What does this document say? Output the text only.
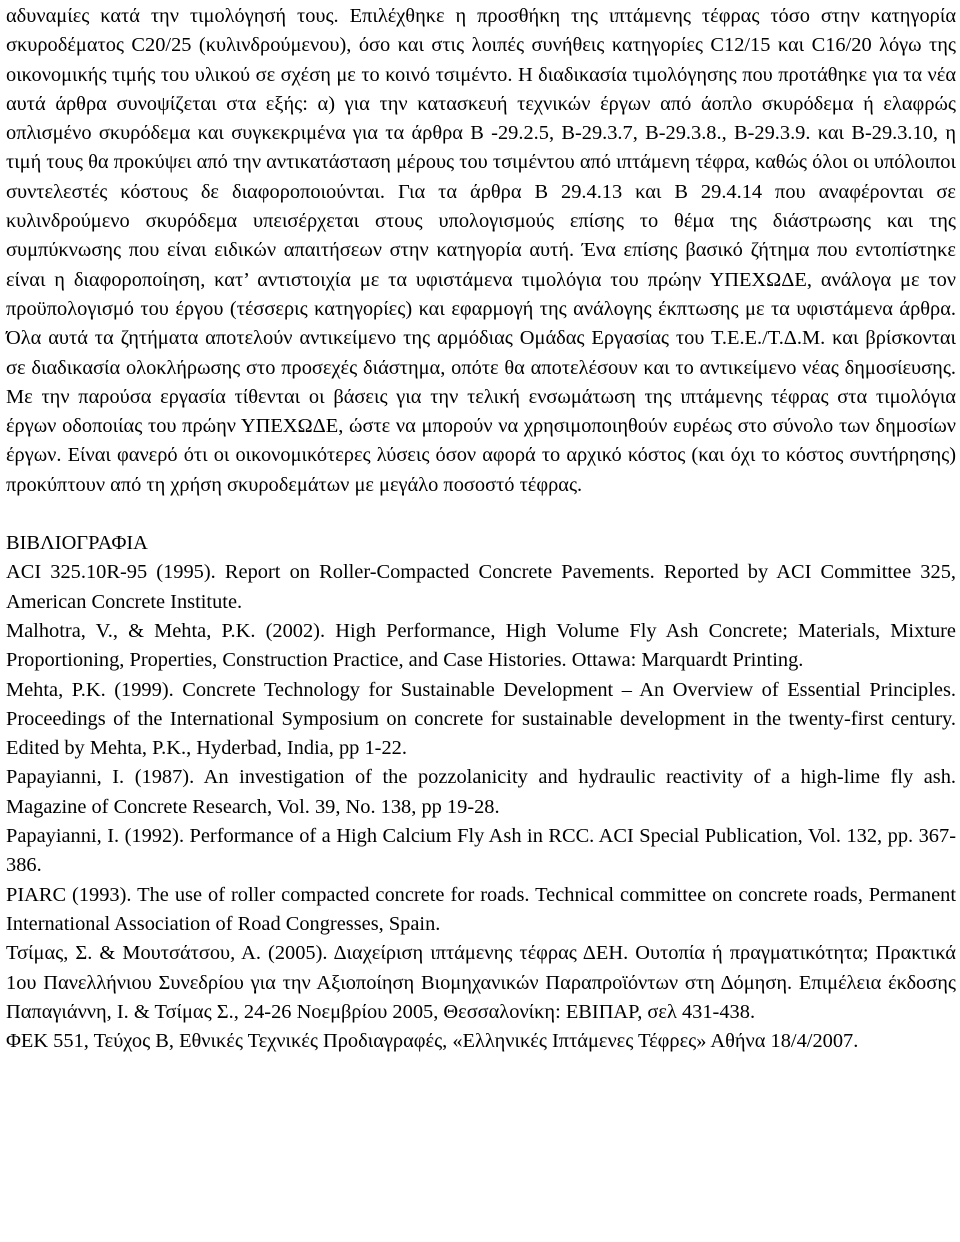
αδυναμίες κατά την τιμολόγησή τους. Επιλέχθηκε η προσθήκη της ιπτάμενης τέφρας τόσο στην κατηγορία σκυροδέματος C20/25 (κυλινδρούμενου), όσο και στις λοιπές συνήθεις κατηγορίες C12/15 και C16/20 λόγω της οικονομικής τιμής του υλικού σε σχέση με το κοινό τσιμέντο. Η διαδικασία τιμολόγησης που προτάθηκε για τα νέα αυτά άρθρα συνοψίζεται στα εξής: α) για την κατασκευή τεχνικών έργων από άοπλο σκυρόδεμα ή ελαφρώς οπλισμένο σκυρόδεμα και συγκεκριμένα για τα άρθρα Β -29.2.5, Β-29.3.7, Β-29.3.8., Β-29.3.9. και Β-29.3.10, η τιμή τους θα προκύψει από την αντικατάσταση μέρους του τσιμέντου από ιπτάμενη τέφρα, καθώς όλοι οι υπόλοιποι συντελεστές κόστους δε διαφοροποιούνται. Για τα άρθρα Β 29.4.13 και Β 29.4.14 που αναφέρονται σε κυλινδρούμενο σκυρόδεμα υπεισέρχεται στους υπολογισμούς επίσης το θέμα της διάστρωσης και της συμπύκνωσης που είναι ειδικών απαιτήσεων στην κατηγορία αυτή. Ένα επίσης βασικό ζήτημα που εντοπίστηκε είναι η διαφοροποίηση, κατ’ αντιστοιχία με τα υφιστάμενα τιμολόγια του πρώην ΥΠΕΧΩΔΕ, ανάλογα με τον προϋπολογισμό του έργου (τέσσερις κατηγορίες) και εφαρμογή της ανάλογης έκπτωσης με τα υφιστάμενα άρθρα. Όλα αυτά τα ζητήματα αποτελούν αντικείμενο της αρμόδιας Ομάδας Εργασίας του Τ.Ε.Ε./Τ.Δ.Μ. και βρίσκονται σε διαδικασία ολοκλήρωσης στο προσεχές διάστημα, οπότε θα αποτελέσουν και το αντικείμενο νέας δημοσίευσης. Με την παρούσα εργασία τίθενται οι βάσεις για την τελική ενσωμάτωση της ιπτάμενης τέφρας στα τιμολόγια έργων οδοποιίας του πρώην ΥΠΕΧΩΔΕ, ώστε να μπορούν να χρησιμοποιηθούν ευρέως στο σύνολο των δημοσίων έργων. Είναι φανερό ότι οι οικονομικότερες λύσεις όσον αφορά το αρχικό κόστος (και όχι το κόστος συντήρησης) προκύπτουν από τη χρήση σκυροδεμάτων με μεγάλο ποσοστό τέφρας.

ΒΙΒΛΙΟΓΡΑΦΙΑ
ACI 325.10R-95 (1995). Report on Roller-Compacted Concrete Pavements. Reported by ACI Committee 325, American Concrete Institute.
Malhotra, V., & Mehta, P.K. (2002). High Performance, High Volume Fly Ash Concrete; Materials, Mixture Proportioning, Properties, Construction Practice, and Case Histories. Ottawa: Marquardt Printing.
Mehta, P.K. (1999). Concrete Technology for Sustainable Development – An Overview of Essential Principles. Proceedings of the International Symposium on concrete for sustainable development in the twenty-first century. Edited by Mehta, P.K., Hyderbad, India, pp 1-22.
Papayianni, I. (1987). An investigation of the pozzolanicity and hydraulic reactivity of a high-lime fly ash. Magazine of Concrete Research, Vol. 39, No. 138, pp 19-28.
Papayianni, I. (1992). Performance of a High Calcium Fly Ash in RCC. ACI Special Publication, Vol. 132, pp. 367-386.
PIARC (1993). The use of roller compacted concrete for roads. Technical committee on concrete roads, Permanent International Association of Road Congresses, Spain.
Τσίμας, Σ. & Μουτσάτσου, Α. (2005). Διαχείριση ιπτάμενης τέφρας ΔΕΗ. Ουτοπία ή πραγματικότητα; Πρακτικά 1ου Πανελλήνιου Συνεδρίου για την Αξιοποίηση Βιομηχανικών Παραπροϊόντων στη Δόμηση. Επιμέλεια έκδοσης Παπαγιάννη, Ι. & Τσίμας Σ., 24-26 Νοεμβρίου 2005, Θεσσαλονίκη: ΕΒΙΠΑΡ, σελ 431-438.
ΦΕΚ 551, Τεύχος Β, Εθνικές Τεχνικές Προδιαγραφές, «Ελληνικές Ιπτάμενες Τέφρες» Αθήνα 18/4/2007.
